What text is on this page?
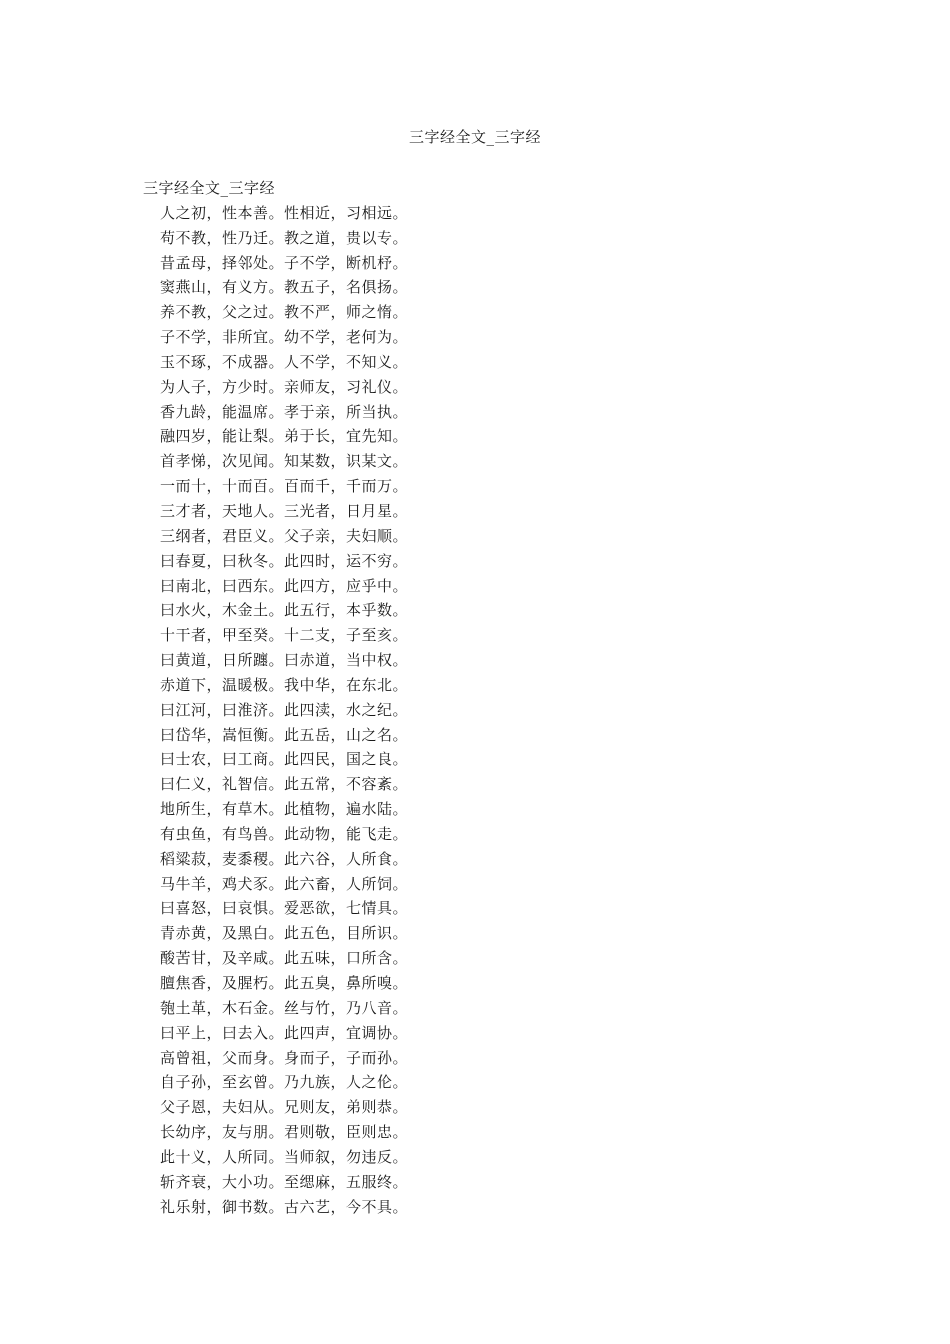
三字经全文_三字经
三字经全文_三字经
人之初，性本善。性相近，习相远。
苟不教，性乃迁。教之道，贵以专。
昔孟母，择邻处。子不学，断机杼。
窦燕山，有义方。教五子，名俱扬。
养不教，父之过。教不严，师之惰。
子不学，非所宜。幼不学，老何为。
玉不琢，不成器。人不学，不知义。
为人子，方少时。亲师友，习礼仪。
香九龄，能温席。孝于亲，所当执。
融四岁，能让梨。弟于长，宜先知。
首孝悌，次见闻。知某数，识某文。
一而十，十而百。百而千，千而万。
三才者，天地人。三光者，日月星。
三纲者，君臣义。父子亲，夫妇顺。
曰春夏，曰秋冬。此四时，运不穷。
曰南北，曰西东。此四方，应乎中。
曰水火，木金土。此五行，本乎数。
十干者，甲至癸。十二支，子至亥。
曰黄道，日所躔。曰赤道，当中权。
赤道下，温暖极。我中华，在东北。
曰江河，曰淮济。此四渎，水之纪。
曰岱华，嵩恒衡。此五岳，山之名。
曰士农，曰工商。此四民，国之良。
曰仁义，礼智信。此五常，不容紊。
地所生，有草木。此植物，遍水陆。
有虫鱼，有鸟兽。此动物，能飞走。
稻粱菽，麦黍稷。此六谷，人所食。
马牛羊，鸡犬豕。此六畜，人所饲。
曰喜怒，曰哀惧。爱恶欲，七情具。
青赤黄，及黑白。此五色，目所识。
酸苦甘，及辛咸。此五味，口所含。
膻焦香，及腥朽。此五臭，鼻所嗅。
匏土革，木石金。丝与竹，乃八音。
曰平上，曰去入。此四声，宜调协。
高曾祖，父而身。身而子，子而孙。
自子孙，至玄曾。乃九族，人之伦。
父子恩，夫妇从。兄则友，弟则恭。
长幼序，友与朋。君则敬，臣则忠。
此十义，人所同。当师叙，勿违反。
斩齐衰，大小功。至缌麻，五服终。
礼乐射，御书数。古六艺，今不具。
